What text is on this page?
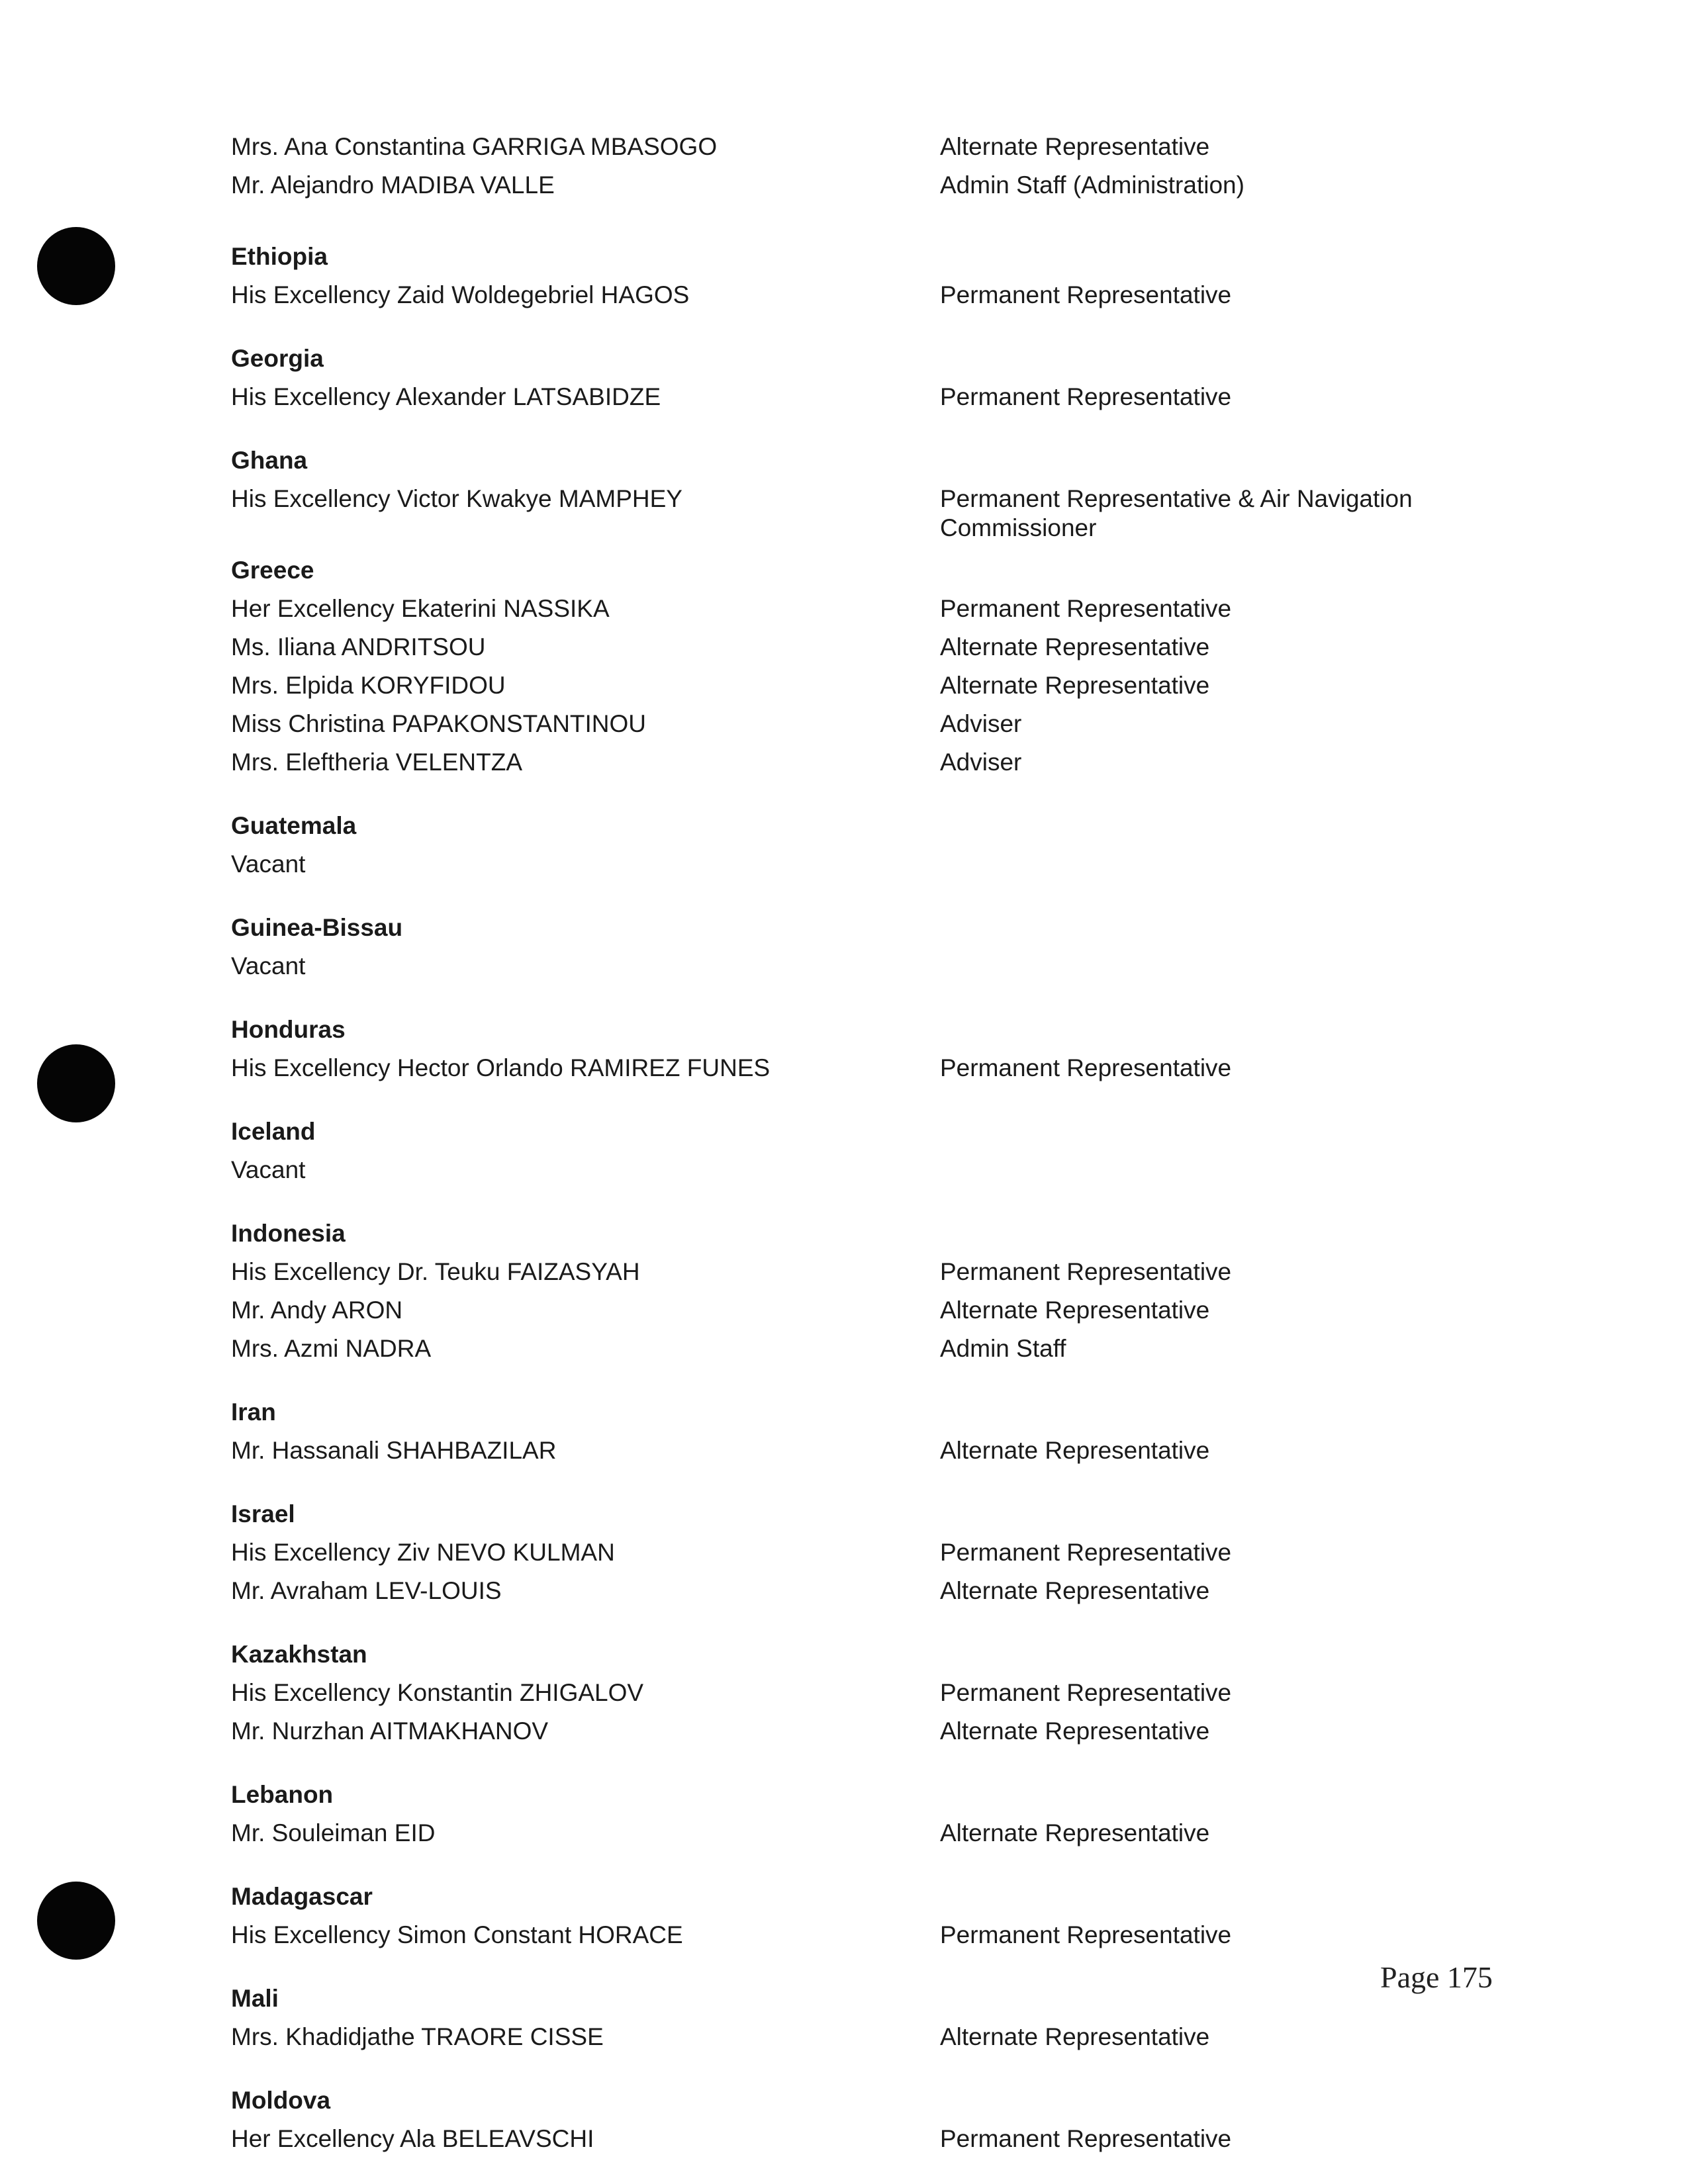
Mrs. Ana Constantina GARRIGA MBASOGO	Alternate Representative
Mr. Alejandro MADIBA VALLE	Admin Staff (Administration)
Ethiopia
His Excellency Zaid Woldegebriel HAGOS	Permanent Representative
Georgia
His Excellency Alexander LATSABIDZE	Permanent Representative
Ghana
His Excellency Victor Kwakye MAMPHEY	Permanent Representative & Air Navigation Commissioner
Greece
Her Excellency Ekaterini NASSIKA	Permanent Representative
Ms. Iliana ANDRITSOU	Alternate Representative
Mrs. Elpida KORYFIDOU	Alternate Representative
Miss Christina PAPAKONSTANTINOU	Adviser
Mrs. Eleftheria VELENTZA	Adviser
Guatemala
Vacant
Guinea-Bissau
Vacant
Honduras
His Excellency Hector Orlando RAMIREZ FUNES	Permanent Representative
Iceland
Vacant
Indonesia
His Excellency Dr. Teuku FAIZASYAH	Permanent Representative
Mr. Andy ARON	Alternate Representative
Mrs. Azmi NADRA	Admin Staff
Iran
Mr. Hassanali SHAHBAZILAR	Alternate Representative
Israel
His Excellency Ziv NEVO KULMAN	Permanent Representative
Mr. Avraham LEV-LOUIS	Alternate Representative
Kazakhstan
His Excellency Konstantin ZHIGALOV	Permanent Representative
Mr. Nurzhan AITMAKHANOV	Alternate Representative
Lebanon
Mr. Souleiman EID	Alternate Representative
Madagascar
His Excellency Simon Constant HORACE	Permanent Representative
Mali
Mrs. Khadidjathe TRAORE CISSE	Alternate Representative
Moldova
Her Excellency Ala BELEAVSCHI	Permanent Representative
Page 175
